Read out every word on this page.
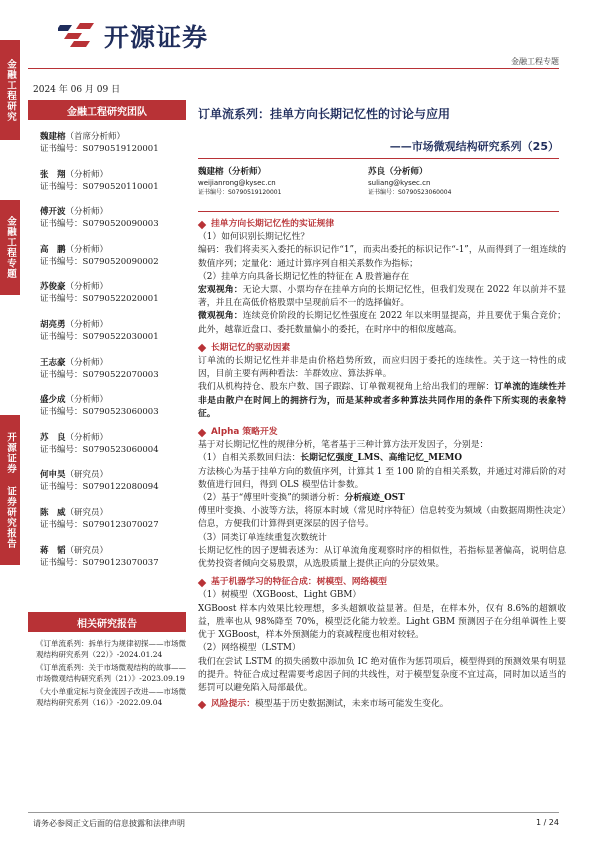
金融工程研究
金融工程专题
开源证券 证券研究报告
开源证券
金融工程专题
2024 年 06 月 09 日
金融工程研究团队
魏建榕（首席分析师）
证书编号：S0790519120001
张　翔（分析师）
证书编号：S0790520110001
傅开波（分析师）
证书编号：S0790520090003
高　鹏（分析师）
证书编号：S0790520090002
苏俊豪（分析师）
证书编号：S0790522020001
胡亮勇（分析师）
证书编号：S0790522030001
王志豪（分析师）
证书编号：S0790522070003
盛少成（分析师）
证书编号：S0790523060003
苏　良（分析师）
证书编号：S0790523060004
何申昊（研究员）
证书编号：S0790122080094
陈　威（研究员）
证书编号：S0790123070027
蒋　韬（研究员）
证书编号：S0790123070037
相关研究报告
《订单流系列：拆单行为规律初探——市场微观结构研究系列（22）》-2024.01.24
《订单流系列：关于市场微观结构的故事——市场微观结构研究系列（21）》-2023.09.19
《大小单重定标与资金流因子改进——市场微观结构研究系列（16）》-2022.09.04
订单流系列：挂单方向长期记忆性的讨论与应用
——市场微观结构研究系列（25）
魏建榕（分析师）
weijianrong@kysec.cn
证书编号：S0790519120001
苏良（分析师）
suliang@kysec.cn
证书编号：S0790523060004
挂单方向长期记忆性的实证规律
（1）如何识别长期记忆性？
编码：我们将卖买入委托的标识记作“1”，而卖出委托的标识记作“-1”，从而得到了一组连续的数值序列；定量化：通过计算序列自相关系数作为指标；
（2）挂单方向具备长期记忆性的特征在 A 股普遍存在
宏观视角：无论大票、小票均存在挂单方向的长期记忆性，但我们发现在 2022 年以前并不显著，并且在高低价格股票中呈现前后不一的选择偏好。
微观视角：连续竞价阶段的长期记忆性强度在 2022 年以来明显提高，并且要优于集合竞价；此外，越靠近盘口、委托数量偏小的委托，在时序中的相似度越高。
长期记忆的驱动因素
订单流的长期记忆性并非是由价格趋势所致，而应归因于委托的连续性。关于这一特性的成因，目前主要有两种看法：羊群效应、算法拆单。
我们从机构持仓、股东户数、国子跟踪、订单微观视角上给出我们的理解：订单流的连续性并非是由散户在时间上的拥挤行为，而是某种或者多种算法共同作用的条件下所实现的表象特征。
Alpha 策略开发
基于对长期记忆性的规律分析，笔者基于三种计算方法开发因子，分别是：
（1）自相关系数回归法：长期记忆强度_LMS、高维记忆_MEMO
方法核心为基于挂单方向的数值序列，计算其 1 至 100 阶的自相关系数，并通过对滞后阶的对数值进行回归，得到 OLS 模型估计参数。
（2）基于“傅里叶变换”的频谱分析：分析痕迹_OST
傅里叶变换、小波等方法，将原本时域（常见时序特征）信息转变为频域（由数据周期性决定）信息，方便我们计算得到更深层的因子信号。
（3）同类订单连续重复次数统计
长期记忆性的因子逻辑表述为：从订单流角度观察时序的相似性，若指标显著偏高，说明信息优势投资者倾向交易股票，从选股质量上提供正向的分层效果。
基于机器学习的特征合成：树模型、网络模型
（1）树模型（XGBoost、Light GBM）
XGBoost 样本内效果比较理想，多头超额收益显著。但是，在样本外，仅有 8.6%的超额收益，胜率也从 98%降至 70%，模型泛化能力较差。Light GBM 预测因子在分组单调性上要优于 XGBoost，样本外预测能力的衰减程度也相对较轻。
（2）网络模型（LSTM）
我们在尝试 LSTM 的损失函数中添加负 IC 绝对值作为惩罚项后，模型得到的预测效果有明显的提升。特征合成过程需要考虑因子间的共线性，对于模型复杂度不宜过高，同时加以适当的惩罚可以避免陷入局部最优。
风险提示： 模型基于历史数据测试，未来市场可能发生变化。
请务必参阅正文后面的信息披露和法律声明	1 / 24
